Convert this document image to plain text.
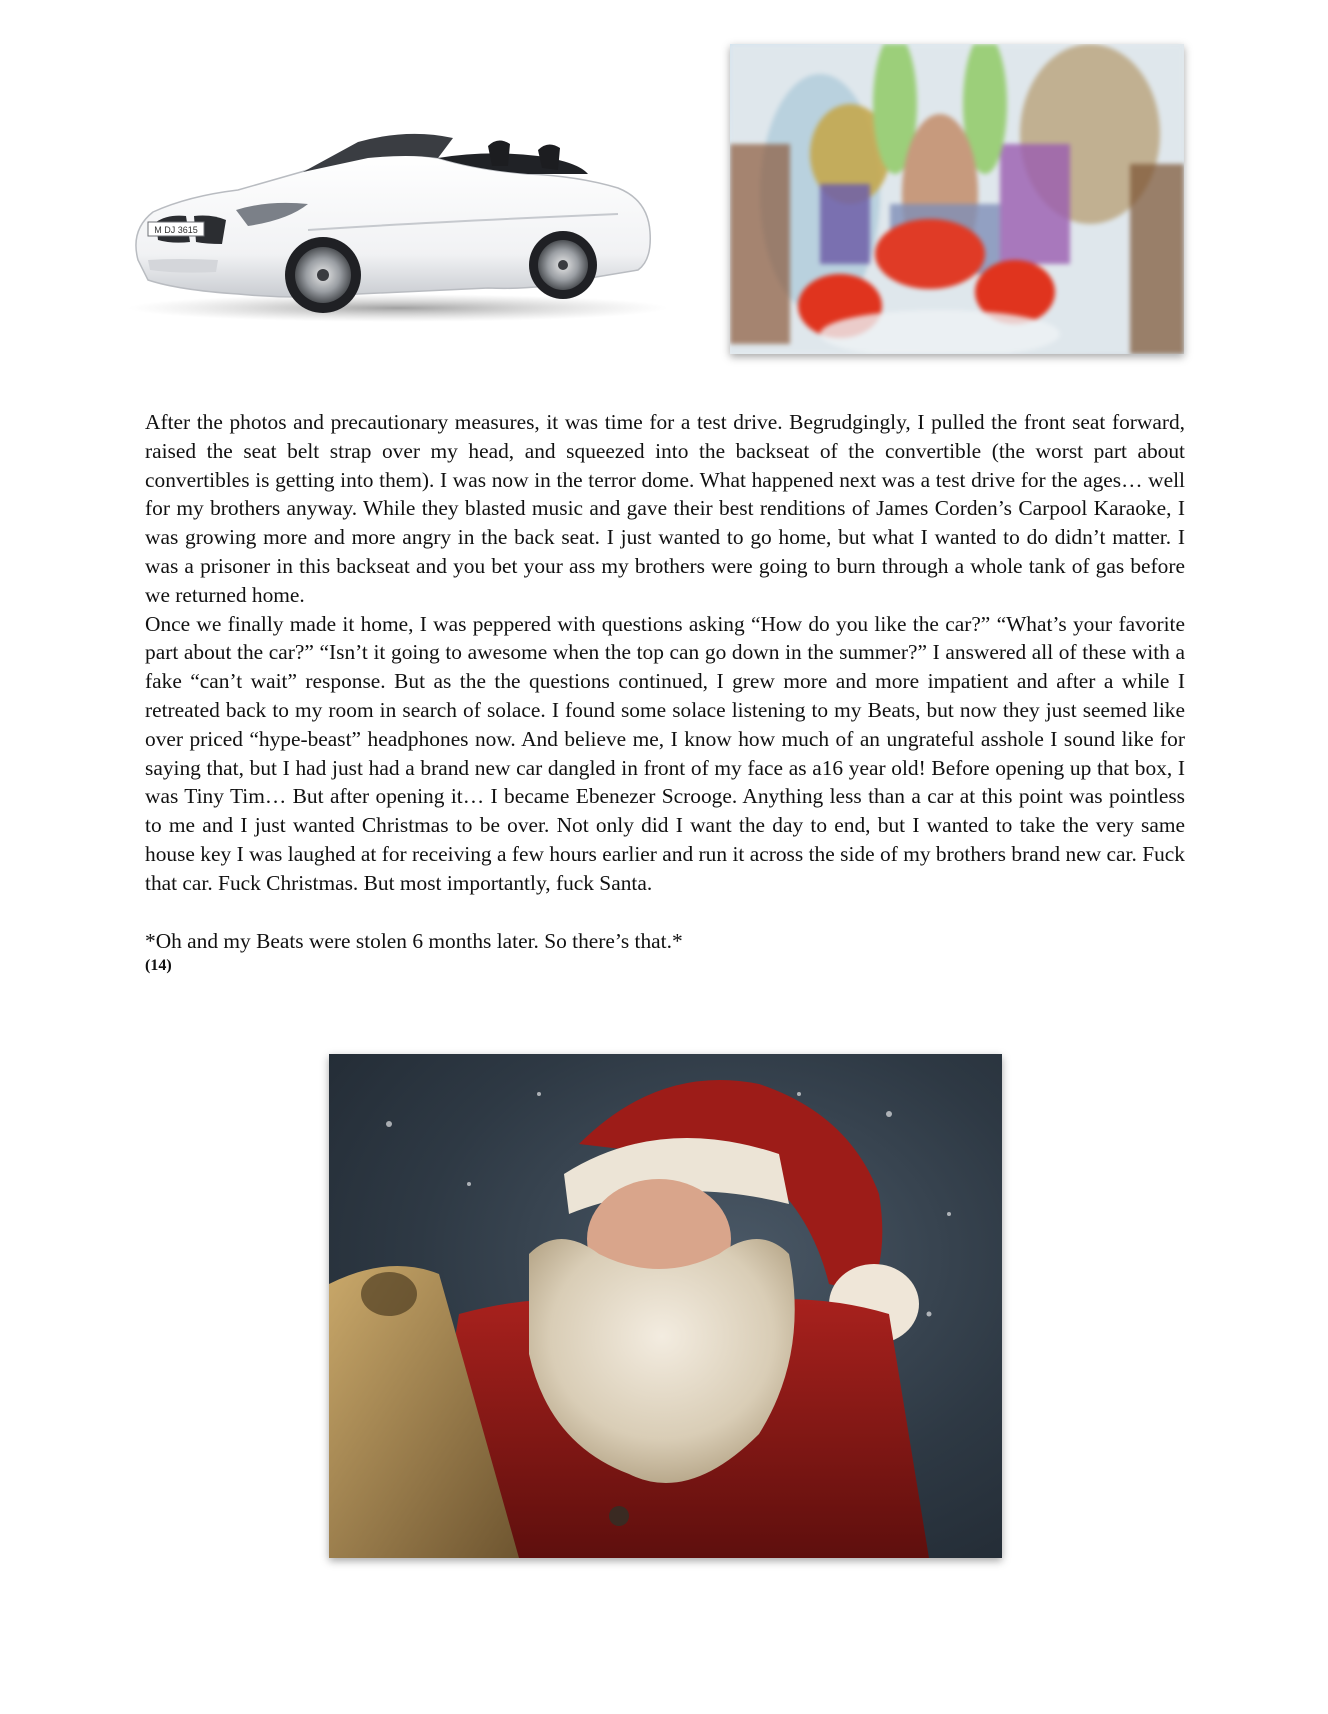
M DJ 3615

After the photos and precautionary measures, it was time for a test drive. Begrudgingly, I pulled the front seat forward, raised the seat belt strap over my head, and squeezed into the backseat of the convertible (the worst part about convertibles is getting into them). I was now in the terror dome. What happened next was a test drive for the ages… well for my brothers anyway. While they blasted music and gave their best renditions of James Corden’s Carpool Karaoke, I was growing more and more angry in the back seat. I just wanted to go home, but what I wanted to do didn’t matter. I was a prisoner in this backseat and you bet your ass my brothers were going to burn through a whole tank of gas before we returned home.

Once we finally made it home, I was peppered with questions asking “How do you like the car?” “What’s your favorite part about the car?” “Isn’t it going to awesome when the top can go down in the summer?” I answered all of these with a fake “can’t wait” response. But as the the questions continued, I grew more and more impatient and after a while I retreated back to my room in search of solace. I found some solace listening to my Beats, but now they just seemed like over priced “hype-beast” headphones now. And believe me, I know how much of an ungrateful asshole I sound like for saying that, but I had just had a brand new car dangled in front of my face as a16 year old! Before opening up that box, I was Tiny Tim… But after opening it… I became Ebenezer Scrooge. Anything less than a car at this point was pointless to me and I just wanted Christmas to be over. Not only did I want the day to end, but I wanted to take the very same house key I was laughed at for receiving a few hours earlier and run it across the side of my brothers brand new car. Fuck that car. Fuck Christmas. But most importantly, fuck Santa.

*Oh and my Beats were stolen 6 months later. So there’s that.*

(14)
